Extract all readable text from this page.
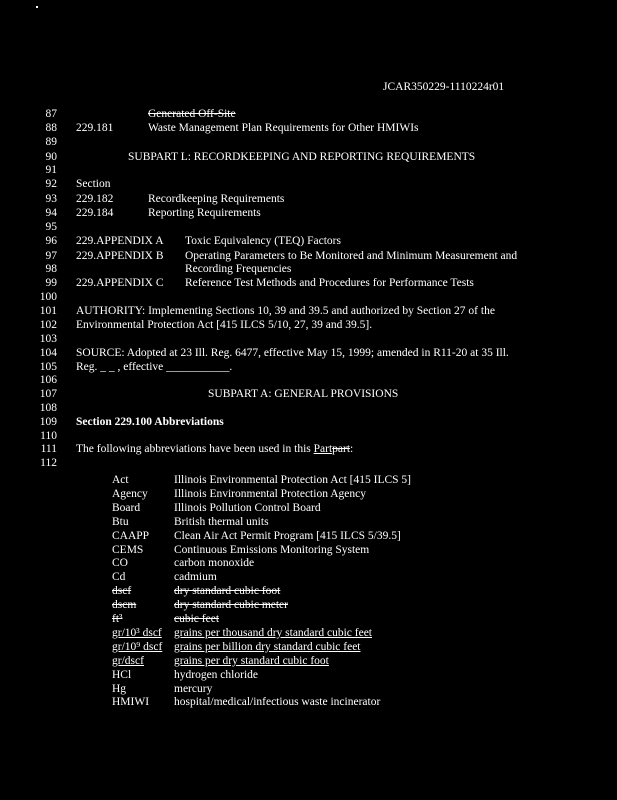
JCAR350229-1110224r01
87
88
89
90
91
92
93
94
95
96
97
98
99
100
101
102
103
104
105
106
107
108
109
110
111
112
Generated Off-Site
229.181	Waste Management Plan Requirements for Other HMIWIs
SUBPART L: RECORDKEEPING AND REPORTING REQUIREMENTS
Section
229.182	Recordkeeping Requirements
229.184	Reporting Requirements
229.APPENDIX A Toxic Equivalency (TEQ) Factors
229.APPENDIX B Operating Parameters to Be Monitored and Minimum Measurement and
Recording Frequencies
229.APPENDIX C Reference Test Methods and Procedures for Performance Tests
AUTHORITY: Implementing Sections 10, 39 and 39.5 and authorized by Section 27 of the
Environmental Protection Act [415 ILCS 5/10, 27, 39 and 39.5].
SOURCE: Adopted at 23 Ill. Reg. 6477, effective May 15, 1999; amended in R11-20 at 35 Ill.
Reg. _ _ , effective ___________.
SUBPART A: GENERAL PROVISIONS
Section 229.100 Abbreviations
The following abbreviations have been used in this Partpart:
Act	Illinois Environmental Protection Act [415 ILCS 5]
Agency Illinois Environmental Protection Agency
Board	Illinois Pollution Control Board
Btu	British thermal units
CAAPP Clean Air Act Permit Program [415 ILCS 5/39.5]
CEMS	Continuous Emissions Monitoring System
CO	carbon monoxide
Cd	cadmium
dscf	dry standard cubic foot
dscm	dry standard cubic meter
ft³	cubic feet
gr/10³ dscf grains per thousand dry standard cubic feet
gr/10⁹ dscf grains per billion dry standard cubic feet
gr/dscf	grains per dry standard cubic foot
HCl	hydrogen chloride
Hg	mercury
HMIWI hospital/medical/infectious waste incinerator
